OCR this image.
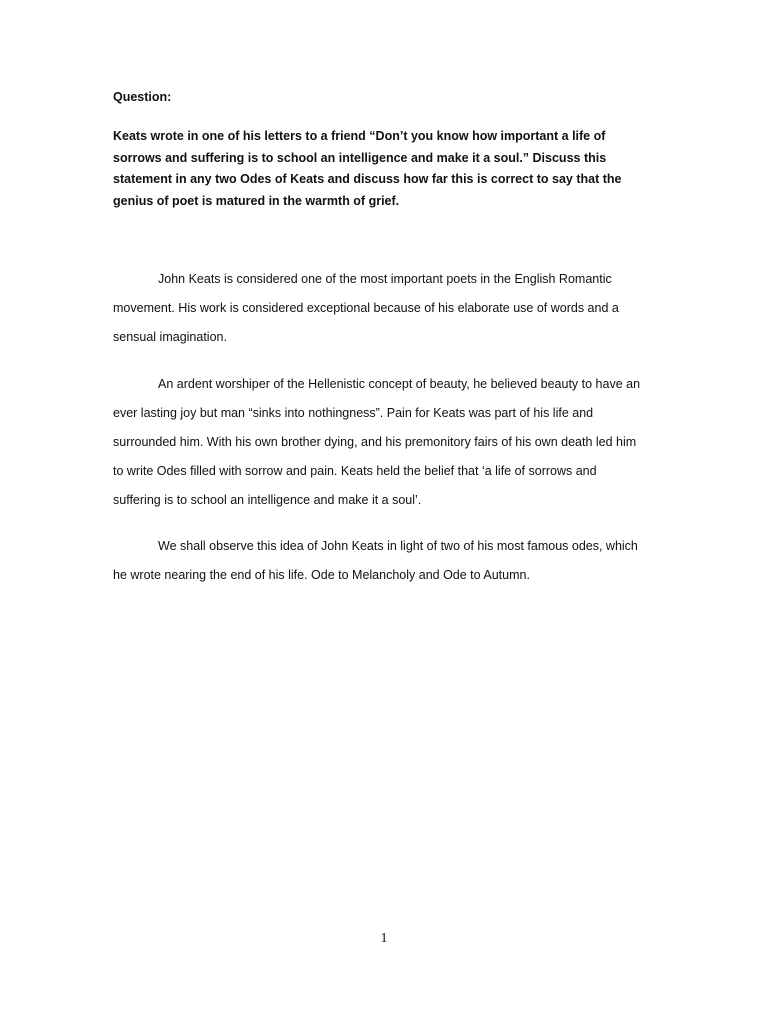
Question:

Keats wrote in one of his letters to a friend “Don’t you know how important a life of sorrows and suffering is to school an intelligence and make it a soul.” Discuss this statement in any two Odes of Keats and discuss how far this is correct to say that the genius of poet is matured in the warmth of grief.

John Keats is considered one of the most important poets in the English Romantic movement. His work is considered exceptional because of his elaborate use of words and a sensual imagination.

An ardent worshiper of the Hellenistic concept of beauty, he believed beauty to have an ever lasting joy but man “sinks into nothingness”. Pain for Keats was part of his life and surrounded him. With his own brother dying, and his premonitory fairs of his own death led him to write Odes filled with sorrow and pain. Keats held the belief that ‘a life of sorrows and suffering is to school an intelligence and make it a soul’.

We shall observe this idea of John Keats in light of two of his most famous odes, which he wrote nearing the end of his life. Ode to Melancholy and Ode to Autumn.

1
